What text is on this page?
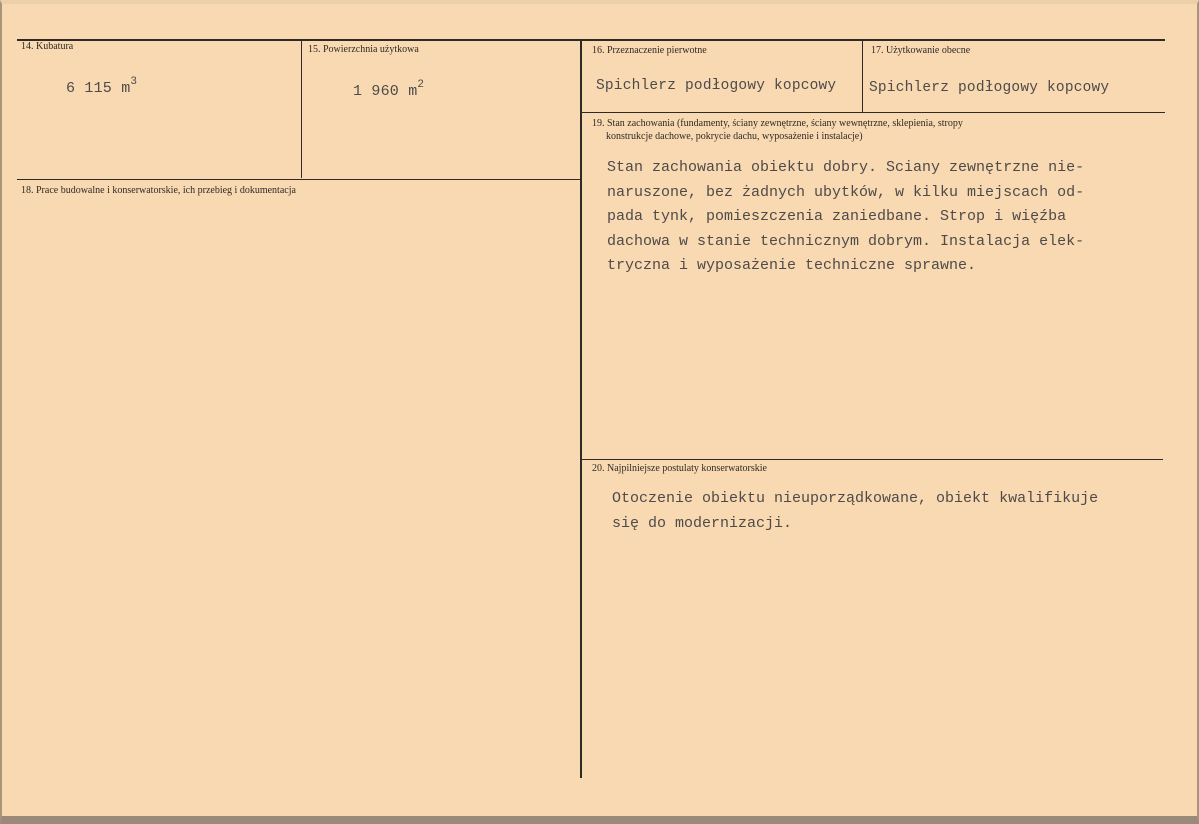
14. Kubatura
6 115 $m^3$
15. Powierzchnia użytkowa
1 960 $m^2$
16. Przeznaczenie pierwotne
Spichlerz podłogowy kopcowy
17. Użytkowanie obecne
Spichlerz podłogowy kopcowy
18. Prace budowalne i konserwatorskie, ich przebieg i dokumentacja
19. Stan zachowania (fundamenty, ściany zewnętrzne, ściany wewnętrzne, sklepienia, stropy
konstrukcje dachowe, pokrycie dachu, wyposażenie i instalacje)
Stan zachowania obiektu dobry. Sciany zewnętrzne nie-
naruszone, bez żadnych ubytków, w kilku miejscach od-
pada tynk, pomieszczenia zaniedbane. Strop i więźba
dachowa w stanie technicznym dobrym. Instalacja elek-
tryczna i wyposażenie techniczne sprawne.
20. Najpilniejsze postulaty konserwatorskie
Otoczenie obiektu nieuporządkowane, obiekt kwalifikuje
się do modernizacji.
